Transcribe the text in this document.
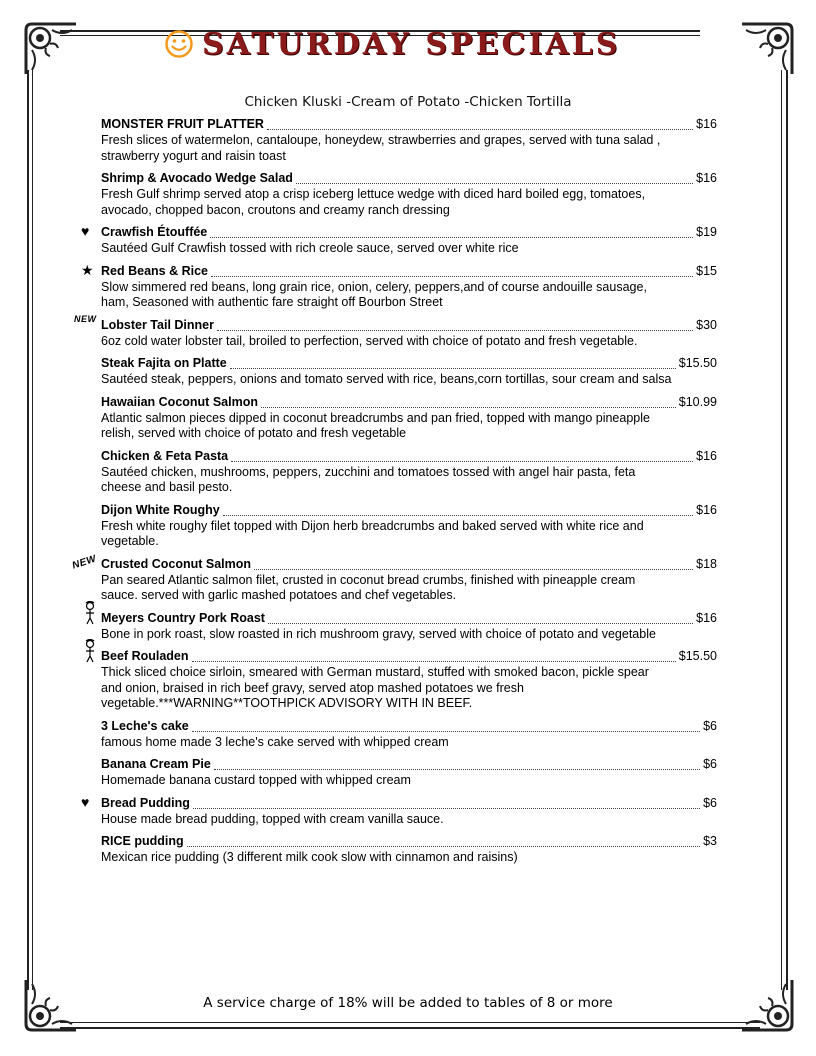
SATURDAY SPECIALS
Chicken Kluski -Cream of Potato -Chicken Tortilla
MONSTER FRUIT PLATTER	$16
Fresh slices of watermelon, cantaloupe, honeydew, strawberries and grapes, served with tuna salad , strawberry yogurt and raisin toast
Shrimp & Avocado Wedge Salad	$16
Fresh Gulf shrimp served atop a crisp iceberg lettuce wedge with diced hard boiled egg, tomatoes, avocado, chopped bacon, croutons and creamy ranch dressing
♥ Crawfish Étouffée	$19
Sautéed Gulf Crawfish tossed with rich creole sauce, served over white rice
★ Red Beans & Rice	$15
Slow simmered red beans, long grain rice, onion, celery, peppers,and of course andouille sausage, ham, Seasoned with authentic fare straight off Bourbon Street
NEW Lobster Tail Dinner	$30
6oz cold water lobster tail, broiled to perfection, served with choice of potato and fresh vegetable.
Steak Fajita on Platte	$15.50
Sautéed steak, peppers, onions and tomato served with rice, beans,corn tortillas, sour cream and salsa
Hawaiian Coconut Salmon	$10.99
Atlantic salmon pieces dipped in coconut breadcrumbs and pan fried, topped with mango pineapple relish, served with choice of potato and fresh vegetable
Chicken & Feta Pasta	$16
Sautéed chicken, mushrooms, peppers, zucchini and tomatoes tossed with angel hair pasta, feta cheese and basil pesto.
Dijon White Roughy	$16
Fresh white roughy filet topped with Dijon herb breadcrumbs and baked served with white rice and vegetable.
NEW Crusted Coconut Salmon	$18
Pan seared Atlantic salmon filet, crusted in coconut bread crumbs, finished with pineapple cream sauce. served with garlic mashed potatoes and chef vegetables.
Meyers Country Pork Roast	$16
Bone in pork roast, slow roasted in rich mushroom gravy, served with choice of potato and vegetable
Beef Rouladen	$15.50
Thick sliced choice sirloin, smeared with German mustard, stuffed with smoked bacon, pickle spear and onion, braised in rich beef gravy, served atop mashed potatoes we fresh vegetable.***WARNING**TOOTHPICK ADVISORY WITH IN BEEF.
3 Leche's cake	$6
famous home made 3 leche's cake served with whipped cream
Banana Cream Pie	$6
Homemade banana custard topped with whipped cream
♥ Bread Pudding	$6
House made bread pudding, topped with cream vanilla sauce.
RICE pudding	$3
Mexican rice pudding (3 different milk cook slow with cinnamon and raisins)
A service charge of 18% will be added to tables of 8 or more
